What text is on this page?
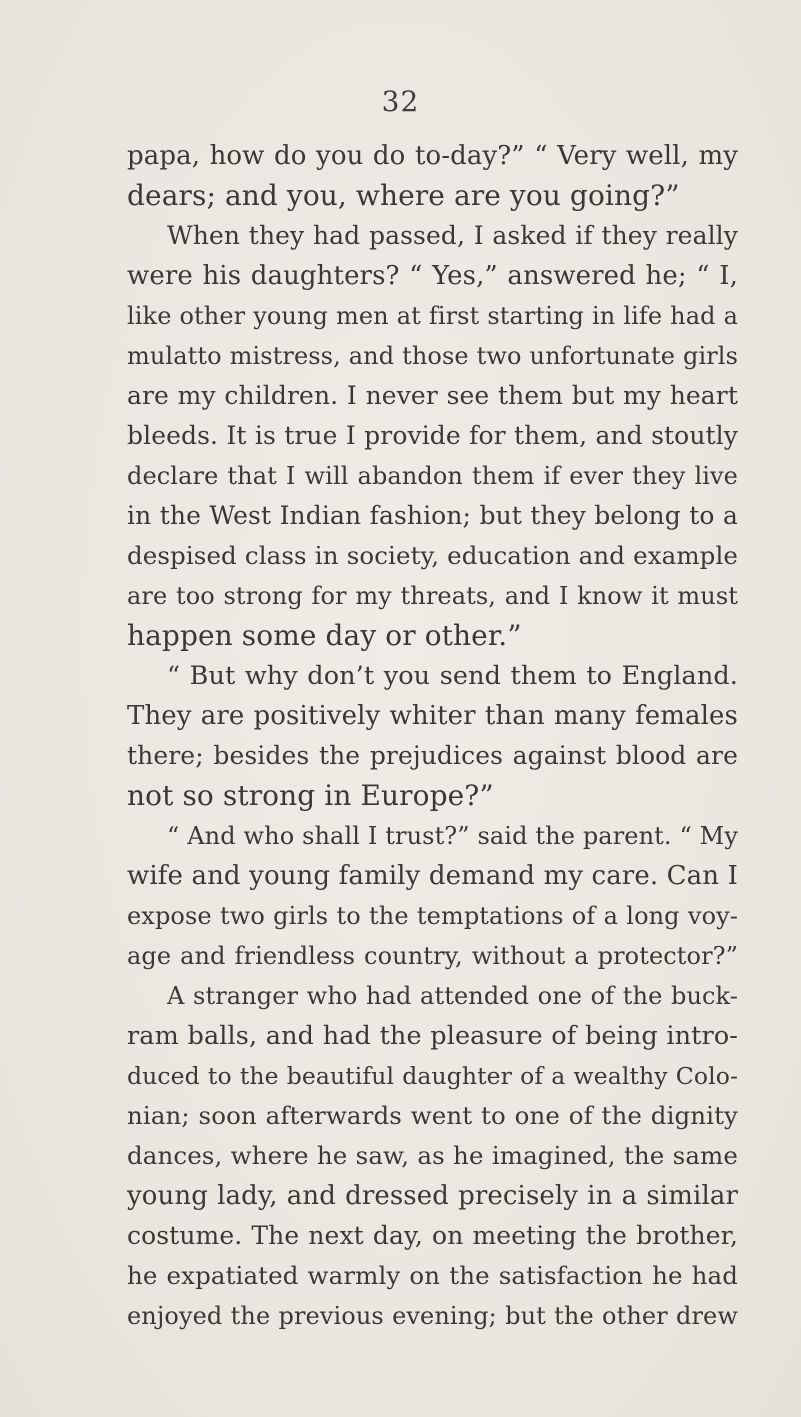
32
papa, how do you do to-day?” “ Very well, my
dears; and you, where are you going?”
When they had passed, I asked if they really
were his daughters? “ Yes,” answered he; “ I,
like other young men at first starting in life had a
mulatto mistress, and those two unfortunate girls
are my children. I never see them but my heart
bleeds. It is true I provide for them, and stoutly
declare that I will abandon them if ever they live
in the West Indian fashion; but they belong to a
despised class in society, education and example
are too strong for my threats, and I know it must
happen some day or other.”
“ But why don’t you send them to England.
They are positively whiter than many females
there; besides the prejudices against blood are
not so strong in Europe?”
“ And who shall I trust?” said the parent. “ My
wife and young family demand my care. Can I
expose two girls to the temptations of a long voy-
age and friendless country, without a protector?”
A stranger who had attended one of the buck-
ram balls, and had the pleasure of being intro-
duced to the beautiful daughter of a wealthy Colo-
nian; soon afterwards went to one of the dignity
dances, where he saw, as he imagined, the same
young lady, and dressed precisely in a similar
costume. The next day, on meeting the brother,
he expatiated warmly on the satisfaction he had
enjoyed the previous evening; but the other drew
